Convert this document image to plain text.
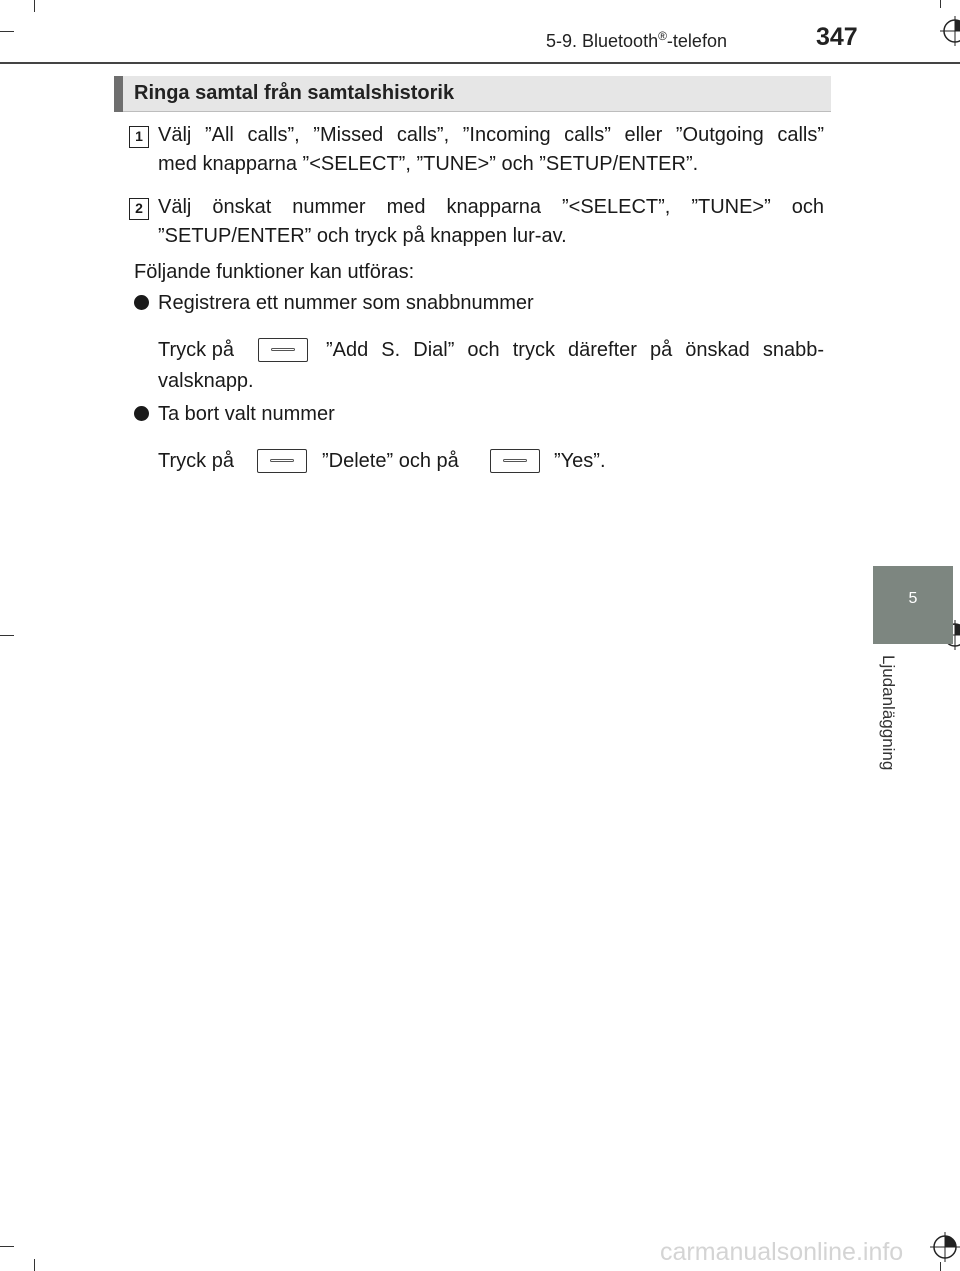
5-9. Bluetooth®-telefon	347
Ringa samtal från samtalshistorik
1 Välj ”All calls”, ”Missed calls”, ”Incoming calls” eller ”Outgoing calls”
med knapparna ”<SELECT”, ”TUNE>” och ”SETUP/ENTER”.
2 Välj önskat nummer med knapparna ”<SELECT”, ”TUNE>” och
”SETUP/ENTER” och tryck på knappen lur-av.
Följande funktioner kan utföras:
Registrera ett nummer som snabbnummer
Tryck på	”Add S. Dial” och tryck därefter på önskad snabb-
valsknapp.
Ta bort valt nummer
Tryck på	”Delete” och på	”Yes”.
5
Ljudanläggning
carmanualsonline.info
